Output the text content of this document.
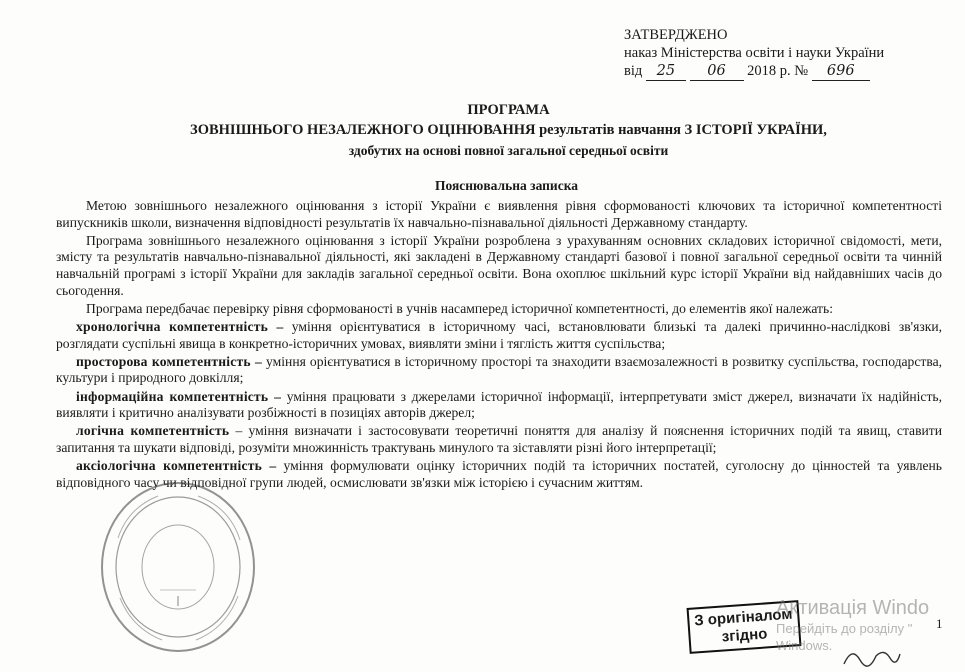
ЗАТВЕРДЖЕНО
наказ Міністерства освіти і науки України
від 25 06 2018 р. № 696
ПРОГРАМА
ЗОВНІШНЬОГО НЕЗАЛЕЖНОГО ОЦІНЮВАННЯ результатів навчання З ІСТОРІЇ УКРАЇНИ,
здобутих на основі повної загальної середньої освіти
Пояснювальна записка

Метою зовнішнього незалежного оцінювання з історії України є виявлення рівня сформованості ключових та історичної компетентності випускників школи, визначення відповідності результатів їх навчально-пізнавальної діяльності Державному стандарту.

Програма зовнішнього незалежного оцінювання з історії України розроблена з урахуванням основних складових історичної свідомості, мети, змісту та результатів навчально-пізнавальної діяльності, які закладені в Державному стандарті базової і повної загальної середньої освіти та чинній навчальній програмі з історії України для закладів загальної середньої освіти. Вона охоплює шкільний курс історії України від найдавніших часів до сьогодення.

Програма передбачає перевірку рівня сформованості в учнів насамперед історичної компетентності, до елементів якої належать:

хронологічна компетентність – уміння орієнтуватися в історичному часі, встановлювати близькі та далекі причинно-наслідкові зв'язки, розглядати суспільні явища в конкретно-історичних умовах, виявляти зміни і тяглість життя суспільства;

просторова компетентність – уміння орієнтуватися в історичному просторі та знаходити взаємозалежності в розвитку суспільства, господарства, культури і природного довкілля;

інформаційна компетентність – уміння працювати з джерелами історичної інформації, інтерпретувати зміст джерел, визначати їх надійність, виявляти і критично аналізувати розбіжності в позиціях авторів джерел;

логічна компетентність – уміння визначати і застосовувати теоретичні поняття для аналізу й пояснення історичних подій та явищ, ставити запитання та шукати відповіді, розуміти множинність трактувань минулого та зіставляти різні його інтерпретації;

аксіологічна компетентність – уміння формулювати оцінку історичних подій та історичних постатей, суголосну до цінностей та уявлень відповідного часу чи відповідної групи людей, осмислювати зв'язки між історією і сучасним життям.

З оригіналом
згідно
1
Активація Windo
Перейдіть до розділу "
Windows.
